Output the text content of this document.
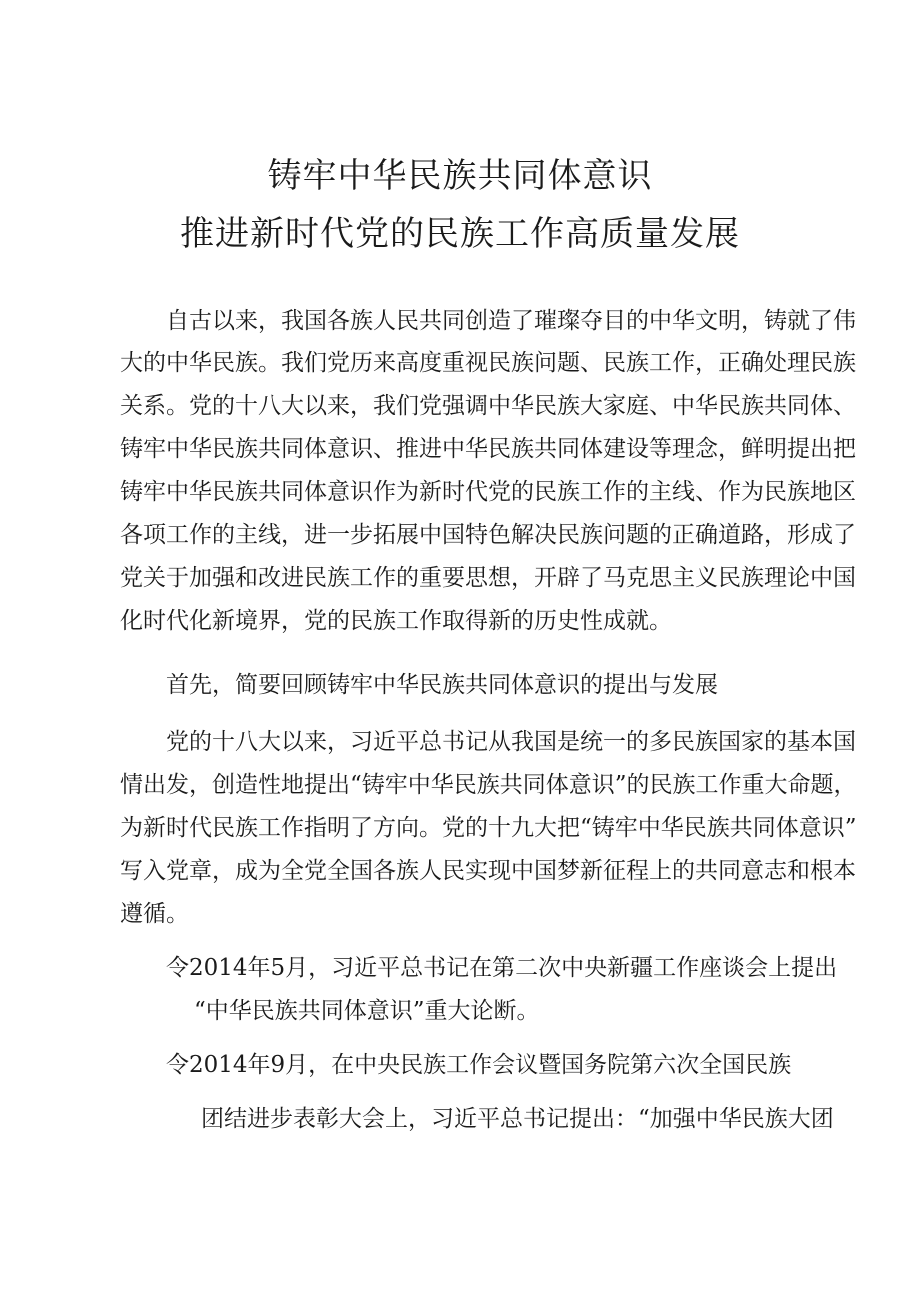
铸牢中华民族共同体意识
推进新时代党的民族工作高质量发展
自古以来，我国各族人民共同创造了璀璨夺目的中华文明，铸就了伟
大的中华民族。我们党历来高度重视民族问题、民族工作，正确处理民族
关系。党的十八大以来，我们党强调中华民族大家庭、中华民族共同体、
铸牢中华民族共同体意识、推进中华民族共同体建设等理念，鲜明提出把
铸牢中华民族共同体意识作为新时代党的民族工作的主线、作为民族地区
各项工作的主线，进一步拓展中国特色解决民族问题的正确道路，形成了
党关于加强和改进民族工作的重要思想，开辟了马克思主义民族理论中国
化时代化新境界，党的民族工作取得新的历史性成就。
首先，简要回顾铸牢中华民族共同体意识的提出与发展
党的十八大以来，习近平总书记从我国是统一的多民族国家的基本国
情出发，创造性地提出“铸牢中华民族共同体意识”的民族工作重大命题，
为新时代民族工作指明了方向。党的十九大把“铸牢中华民族共同体意识”
写入党章，成为全党全国各族人民实现中国梦新征程上的共同意志和根本
遵循。
令2014年5月，习近平总书记在第二次中央新疆工作座谈会上提出
“中华民族共同体意识”重大论断。
令2014年9月，在中央民族工作会议暨国务院第六次全国民族
团结进步表彰大会上，习近平总书记提出：“加强中华民族大团
